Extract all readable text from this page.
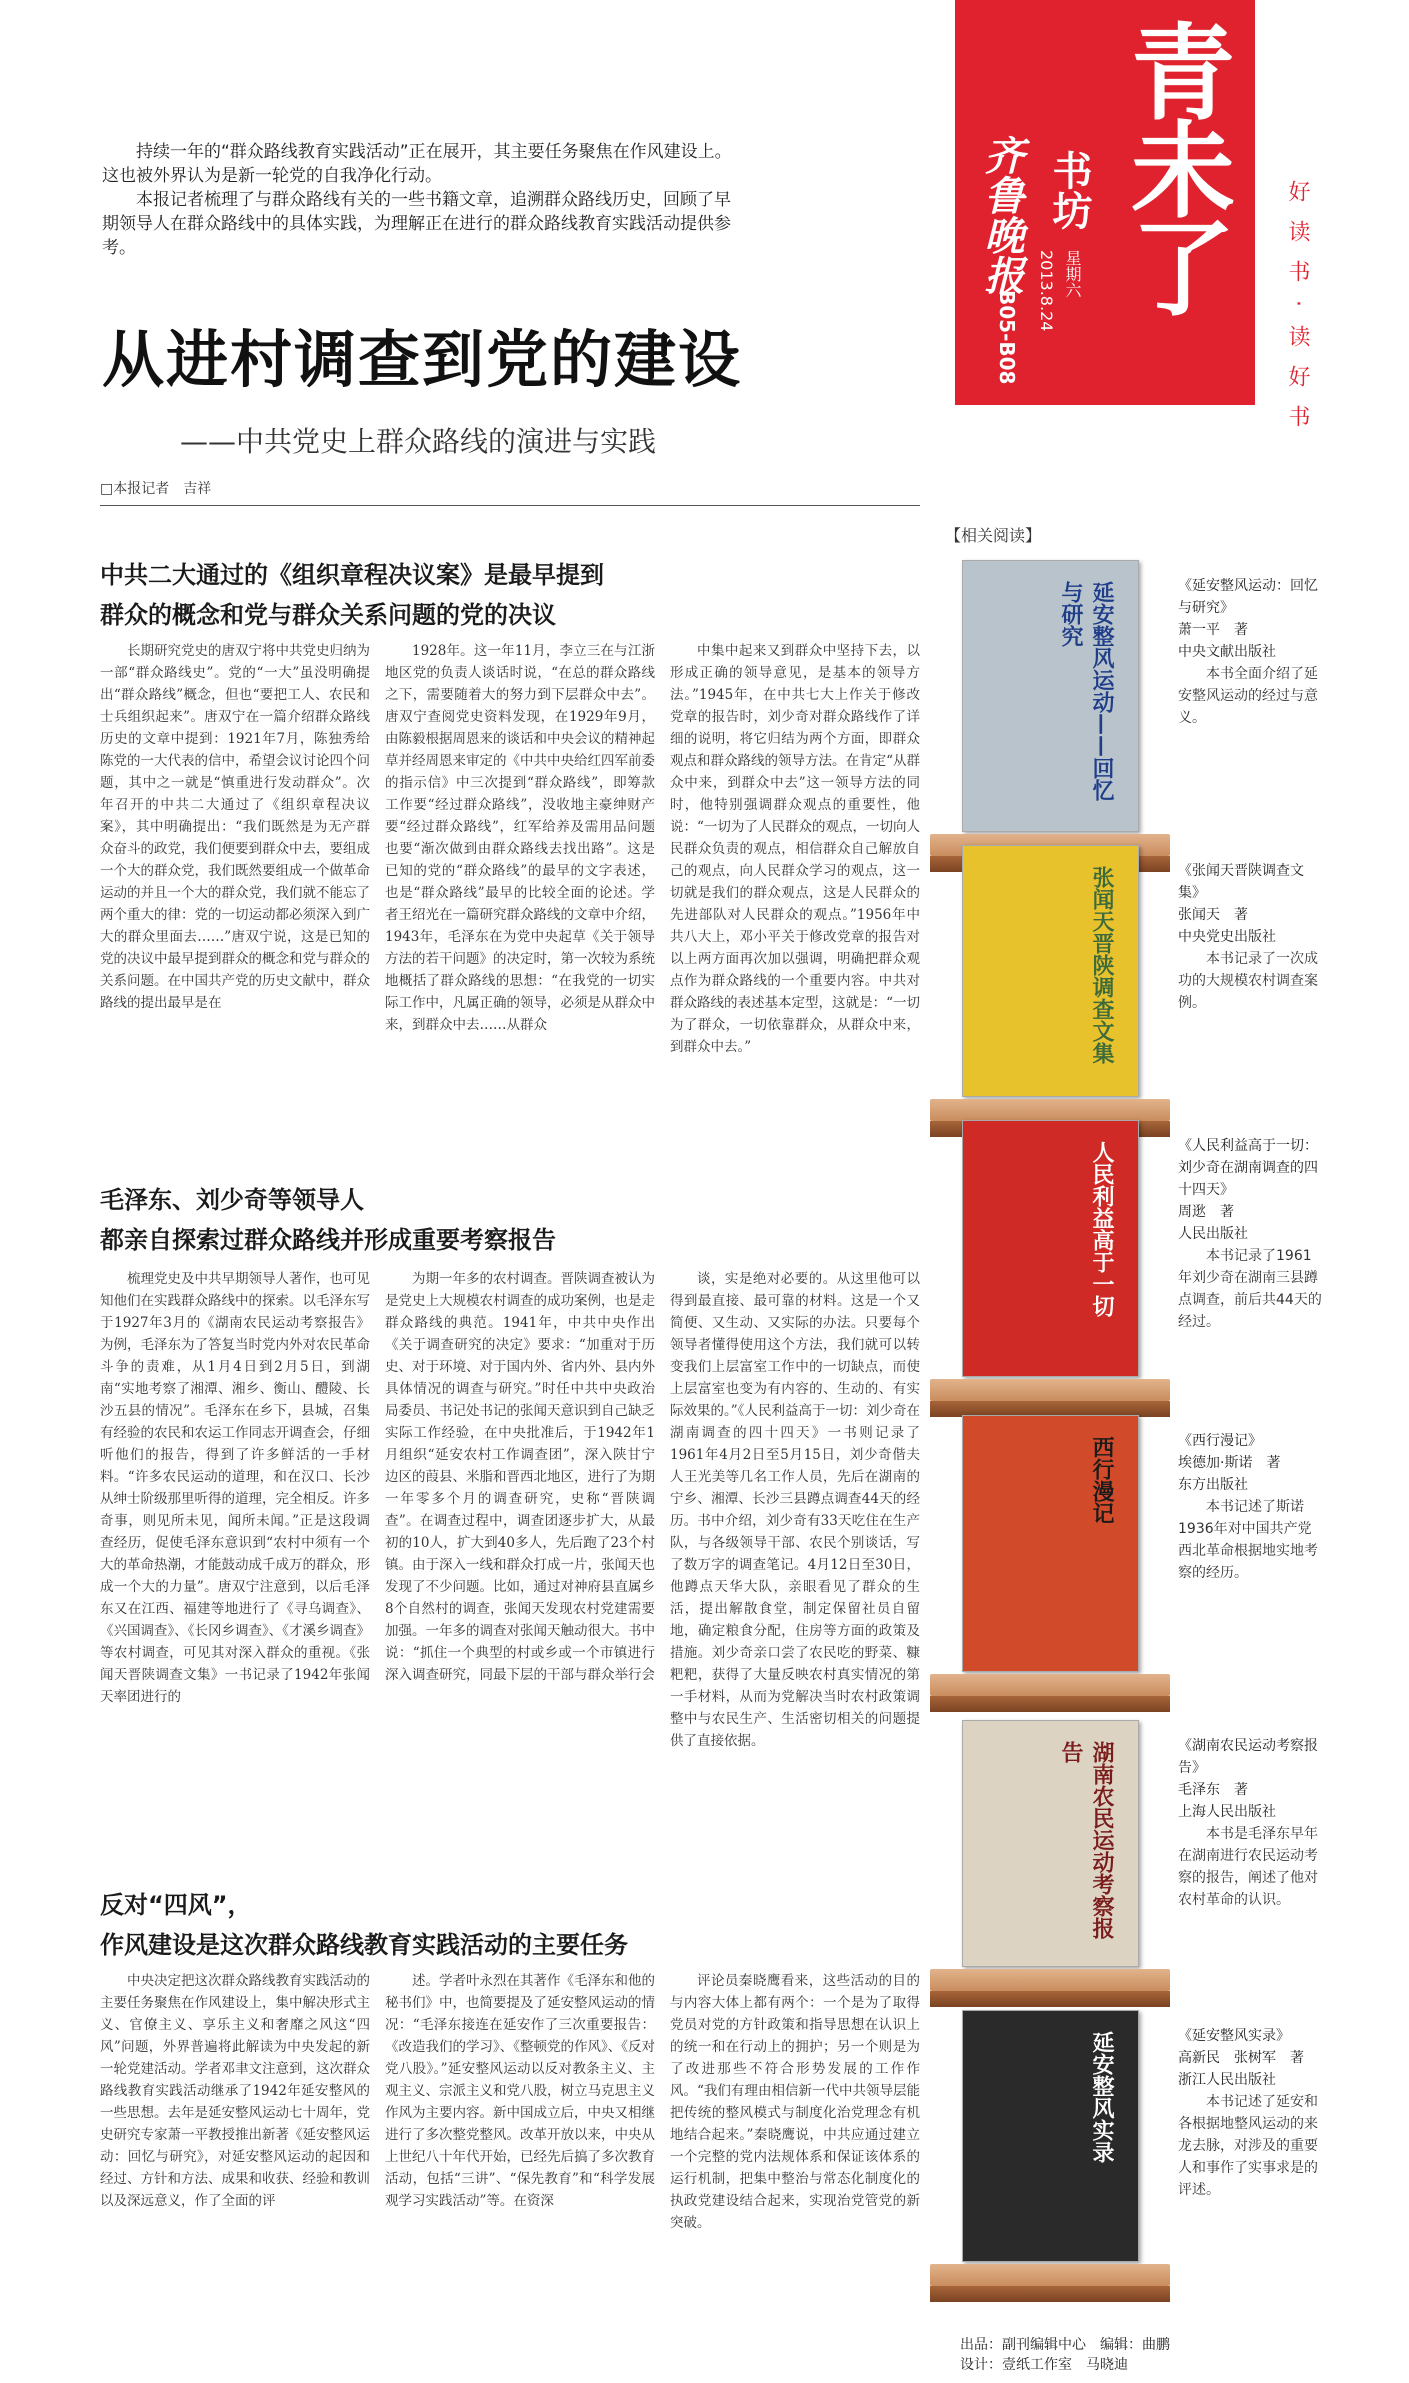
青未了
书坊
齐鲁晚报	星期六
2013.8.24
B05-B08	好读书·读好书

持续一年的“群众路线教育实践活动”正在展开，其主要任务聚焦在作风建设上。这也被外界认为是新一轮党的自我净化行动。

本报记者梳理了与群众路线有关的一些书籍文章，追溯群众路线历史，回顾了早期领导人在群众路线中的具体实践，为理解正在进行的群众路线教育实践活动提供参考。

从进村调查到党的建设
——中共党史上群众路线的演进与实践
□本报记者　吉祥
中共二大通过的《组织章程决议案》是最早提到
群众的概念和党与群众关系问题的党的决议

长期研究党史的唐双宁将中共党史归纳为一部“群众路线史”。党的“一大”虽没明确提出“群众路线”概念，但也“要把工人、农民和士兵组织起来”。唐双宁在一篇介绍群众路线历史的文章中提到：1921年7月，陈独秀给陈党的一大代表的信中，希望会议讨论四个问题，其中之一就是“慎重进行发动群众”。次年召开的中共二大通过了《组织章程决议案》，其中明确提出：“我们既然是为无产群众奋斗的政党，我们便要到群众中去，要组成一个大的群众党，我们既然要组成一个做革命运动的并且一个大的群众党，我们就不能忘了两个重大的律：党的一切运动都必须深入到广大的群众里面去……”唐双宁说，这是已知的党的决议中最早提到群众的概念和党与群众的关系问题。在中国共产党的历史文献中，群众路线的提出最早是在

1928年。这一年11月，李立三在与江浙地区党的负责人谈话时说，“在总的群众路线之下，需要随着大的努力到下层群众中去”。唐双宁查阅党史资料发现，在1929年9月，由陈毅根据周恩来的谈话和中央会议的精神起草并经周恩来审定的《中共中央给红四军前委的指示信》中三次提到“群众路线”，即筹款工作要“经过群众路线”，没收地主豪绅财产要“经过群众路线”，红军给养及需用品问题也要“渐次做到由群众路线去找出路”。这是已知的党的“群众路线”的最早的文字表述，也是“群众路线”最早的比较全面的论述。学者王绍光在一篇研究群众路线的文章中介绍，1943年，毛泽东在为党中央起草《关于领导方法的若干问题》的决定时，第一次较为系统地概括了群众路线的思想：“在我党的一切实际工作中，凡属正确的领导，必须是从群众中来，到群众中去……从群众

中集中起来又到群众中坚持下去，以形成正确的领导意见，是基本的领导方法。”1945年，在中共七大上作关于修改党章的报告时，刘少奇对群众路线作了详细的说明，将它归结为两个方面，即群众观点和群众路线的领导方法。在肯定“从群众中来，到群众中去”这一领导方法的同时，他特别强调群众观点的重要性，他说：“一切为了人民群众的观点，一切向人民群众负责的观点，相信群众自己解放自己的观点，向人民群众学习的观点，这一切就是我们的群众观点，这是人民群众的先进部队对人民群众的观点。”1956年中共八大上，邓小平关于修改党章的报告对以上两方面再次加以强调，明确把群众观点作为群众路线的一个重要内容。中共对群众路线的表述基本定型，这就是：“一切为了群众，一切依靠群众，从群众中来，到群众中去。”

毛泽东、刘少奇等领导人
都亲自探索过群众路线并形成重要考察报告

梳理党史及中共早期领导人著作，也可见知他们在实践群众路线中的探索。以毛泽东写于1927年3月的《湖南农民运动考察报告》为例，毛泽东为了答复当时党内外对农民革命斗争的责难，从1月4日到2月5日，到湖南“实地考察了湘潭、湘乡、衡山、醴陵、长沙五县的情况”。毛泽东在乡下，县城，召集有经验的农民和农运工作同志开调查会，仔细听他们的报告，得到了许多鲜活的一手材料。“许多农民运动的道理，和在汉口、长沙从绅士阶级那里听得的道理，完全相反。许多奇事，则见所未见，闻所未闻。”正是这段调查经历，促使毛泽东意识到“农村中须有一个大的革命热潮，才能鼓动成千成万的群众，形成一个大的力量”。唐双宁注意到，以后毛泽东又在江西、福建等地进行了《寻乌调查》、《兴国调查》、《长冈乡调查》、《才溪乡调查》等农村调查，可见其对深入群众的重视。《张闻天晋陕调查文集》一书记录了1942年张闻天率团进行的

为期一年多的农村调查。晋陕调查被认为是党史上大规模农村调查的成功案例，也是走群众路线的典范。1941年，中共中央作出《关于调查研究的决定》要求：“加重对于历史、对于环境、对于国内外、省内外、县内外具体情况的调查与研究。”时任中共中央政治局委员、书记处书记的张闻天意识到自己缺乏实际工作经验，在中央批准后，于1942年1月组织“延安农村工作调查团”，深入陕甘宁边区的葭县、米脂和晋西北地区，进行了为期一年零多个月的调查研究，史称“晋陕调查”。在调查过程中，调查团逐步扩大，从最初的10人，扩大到40多人，先后跑了23个村镇。由于深入一线和群众打成一片，张闻天也发现了不少问题。比如，通过对神府县直属乡8个自然村的调查，张闻天发现农村党建需要加强。一年多的调查对张闻天触动很大。书中说：“抓住一个典型的村或乡或一个市镇进行深入调查研究，同最下层的干部与群众举行会

谈，实是绝对必要的。从这里他可以得到最直接、最可靠的材料。这是一个又简便、又生动、又实际的办法。只要每个领导者懂得使用这个方法，我们就可以转变我们上层富室工作中的一切缺点，而使上层富室也变为有内容的、生动的、有实际效果的。”《人民利益高于一切：刘少奇在湖南调查的四十四天》一书则记录了1961年4月2日至5月15日，刘少奇偕夫人王光美等几名工作人员，先后在湖南的宁乡、湘潭、长沙三县蹲点调查44天的经历。书中介绍，刘少奇有33天吃住在生产队，与各级领导干部、农民个别谈话，写了数万字的调查笔记。4月12日至30日，他蹲点天华大队，亲眼看见了群众的生活，提出解散食堂，制定保留社员自留地，确定粮食分配，住房等方面的政策及措施。刘少奇亲口尝了农民吃的野菜、糠粑粑，获得了大量反映农村真实情况的第一手材料，从而为党解决当时农村政策调整中与农民生产、生活密切相关的问题提供了直接依据。

反对“四风”，
作风建设是这次群众路线教育实践活动的主要任务

中央决定把这次群众路线教育实践活动的主要任务聚焦在作风建设上，集中解决形式主义、官僚主义、享乐主义和奢靡之风这“四风”问题，外界普遍将此解读为中央发起的新一轮党建活动。学者邓聿文注意到，这次群众路线教育实践活动继承了1942年延安整风的一些思想。去年是延安整风运动七十周年，党史研究专家萧一平教授推出新著《延安整风运动：回忆与研究》，对延安整风运动的起因和经过、方针和方法、成果和收获、经验和教训以及深远意义，作了全面的评

述。学者叶永烈在其著作《毛泽东和他的秘书们》中，也简要提及了延安整风运动的情况：“毛泽东接连在延安作了三次重要报告：《改造我们的学习》、《整顿党的作风》、《反对党八股》。”延安整风运动以反对教条主义、主观主义、宗派主义和党八股，树立马克思主义作风为主要内容。新中国成立后，中央又相继进行了多次整党整风。改革开放以来，中央从上世纪八十年代开始，已经先后搞了多次教育活动，包括“三讲”、“保先教育”和“科学发展观学习实践活动”等。在资深

评论员秦晓鹰看来，这些活动的目的与内容大体上都有两个：一个是为了取得党员对党的方针政策和指导思想在认识上的统一和在行动上的拥护；另一个则是为了改进那些不符合形势发展的工作作风。“我们有理由相信新一代中共领导层能把传统的整风模式与制度化治党理念有机地结合起来。”秦晓鹰说，中共应通过建立一个完整的党内法规体系和保证该体系的运行机制，把集中整治与常态化制度化的执政党建设结合起来，实现治党管党的新突破。

【相关阅读】
延安整风运动——回忆与研究	《延安整风运动：回忆与研究》
萧一平　著
中央文献出版社
本书全面介绍了延安整风运动的经过与意义。
张闻天晋陕调查文集	《张闻天晋陕调查文集》
张闻天　著
中央党史出版社
本书记录了一次成功的大规模农村调查案例。
人民利益高于一切	《人民利益高于一切：刘少奇在湖南调查的四十四天》
周逖　著
人民出版社
本书记录了1961年刘少奇在湖南三县蹲点调查，前后共44天的经过。
西行漫记	《西行漫记》
埃德加·斯诺　著
东方出版社
本书记述了斯诺1936年对中国共产党西北革命根据地实地考察的经历。
湖南农民运动考察报告	《湖南农民运动考察报告》
毛泽东　著
上海人民出版社
本书是毛泽东早年在湖南进行农民运动考察的报告，阐述了他对农村革命的认识。
延安整风实录	《延安整风实录》
高新民　张树军　著
浙江人民出版社
本书记述了延安和各根据地整风运动的来龙去脉，对涉及的重要人和事作了实事求是的评述。
出品：副刊编辑中心　编辑：曲鹏
设计：壹纸工作室　马晓迪
